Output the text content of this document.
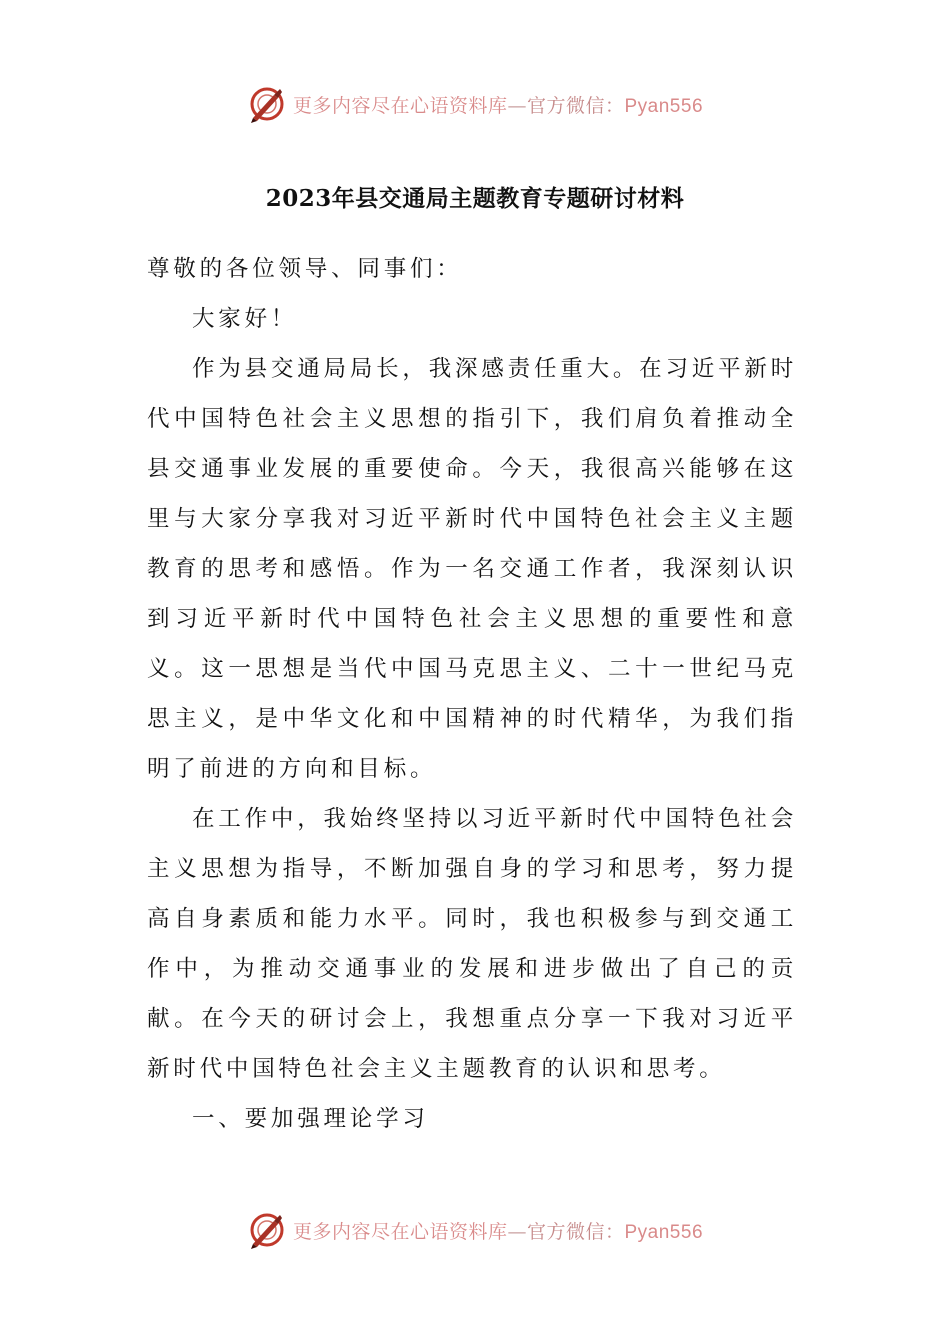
更多内容尽在心语资料库—官方微信：Pyan556
2023年县交通局主题教育专题研讨材料

尊敬的各位领导、同事们：

大家好！

作为县交通局局长，我深感责任重大。在习近平新时代中国特色社会主义思想的指引下，我们肩负着推动全县交通事业发展的重要使命。今天，我很高兴能够在这里与大家分享我对习近平新时代中国特色社会主义主题教育的思考和感悟。作为一名交通工作者，我深刻认识到习近平新时代中国特色社会主义思想的重要性和意义。这一思想是当代中国马克思主义、二十一世纪马克思主义，是中华文化和中国精神的时代精华，为我们指明了前进的方向和目标。

在工作中，我始终坚持以习近平新时代中国特色社会主义思想为指导，不断加强自身的学习和思考，努力提高自身素质和能力水平。同时，我也积极参与到交通工作中，为推动交通事业的发展和进步做出了自己的贡献。在今天的研讨会上，我想重点分享一下我对习近平新时代中国特色社会主义主题教育的认识和思考。

一、要加强理论学习

更多内容尽在心语资料库—官方微信：Pyan556
